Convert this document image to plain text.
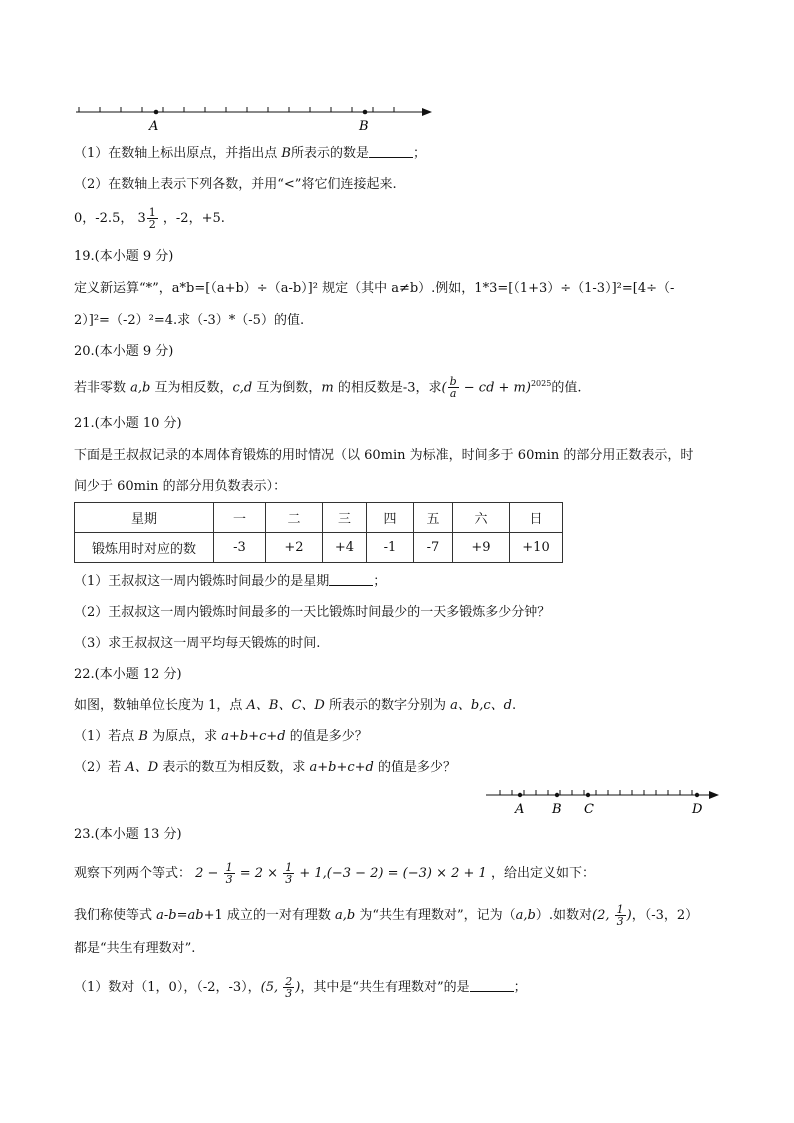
A	B
（1）在数轴上标出原点，并指出点 B所表示的数是	；
（2）在数轴上表示下列各数，并用“<”将它们连接起来.
0，-2.5， $3 \frac{1}{2}$ ，-2，+5.
19.(本小题 9 分)
定义新运算“*”，a*b=[（a+b）÷（a-b）]² 规定（其中 a≠b）.例如，1*3=[（1+3）÷（1-3）]²=[4÷（-
2）]²=（-2）²=4.求（-3）*（-5）的值.
20.(本小题 9 分)
若非零数 a,b 互为相反数，c,d 互为倒数，m 的相反数是-3，求( $\frac{b}{a}$ − cd + m)$^{2025}$的值.
21.(本小题 10 分)
下面是王叔叔记录的本周体育锻炼的用时情况（以 60min 为标准，时间多于 60min 的部分用正数表示，时
间少于 60min 的部分用负数表示）：
星期	一	二	三	四	五	六	日
锻炼用时对应的数	-3	+2	+4	-1	-7	+9	+10
（1）王叔叔这一周内锻炼时间最少的是星期	；
（2）王叔叔这一周内锻炼时间最多的一天比锻炼时间最少的一天多锻炼多少分钟？
（3）求王叔叔这一周平均每天锻炼的时间.
22.(本小题 12 分)
如图，数轴单位长度为 1，点 A、B、C、D 所表示的数字分别为 a、b,c、d.
（1）若点 B 为原点，求 a+b+c+d 的值是多少？
（2）若 A、D 表示的数互为相反数，求 a+b+c+d 的值是多少？
A B C	D
23.(本小题 13 分)
观察下列两个等式： $2 - \frac{1}{3} = 2 \times \frac{1}{3} + 1,(-3 - 2) = (-3) \times 2 + 1$ ，给出定义如下：
我们称使等式 a-b=ab+1 成立的一对有理数 a,b 为“共生有理数对”，记为（a,b）.如数对(2, $\frac{1}{3}$ )，（-3，2）
都是“共生有理数对”.
（1）数对（1，0），（-2，-3），(5, $\frac{2}{3}$ )，其中是“共生有理数对”的是	；
